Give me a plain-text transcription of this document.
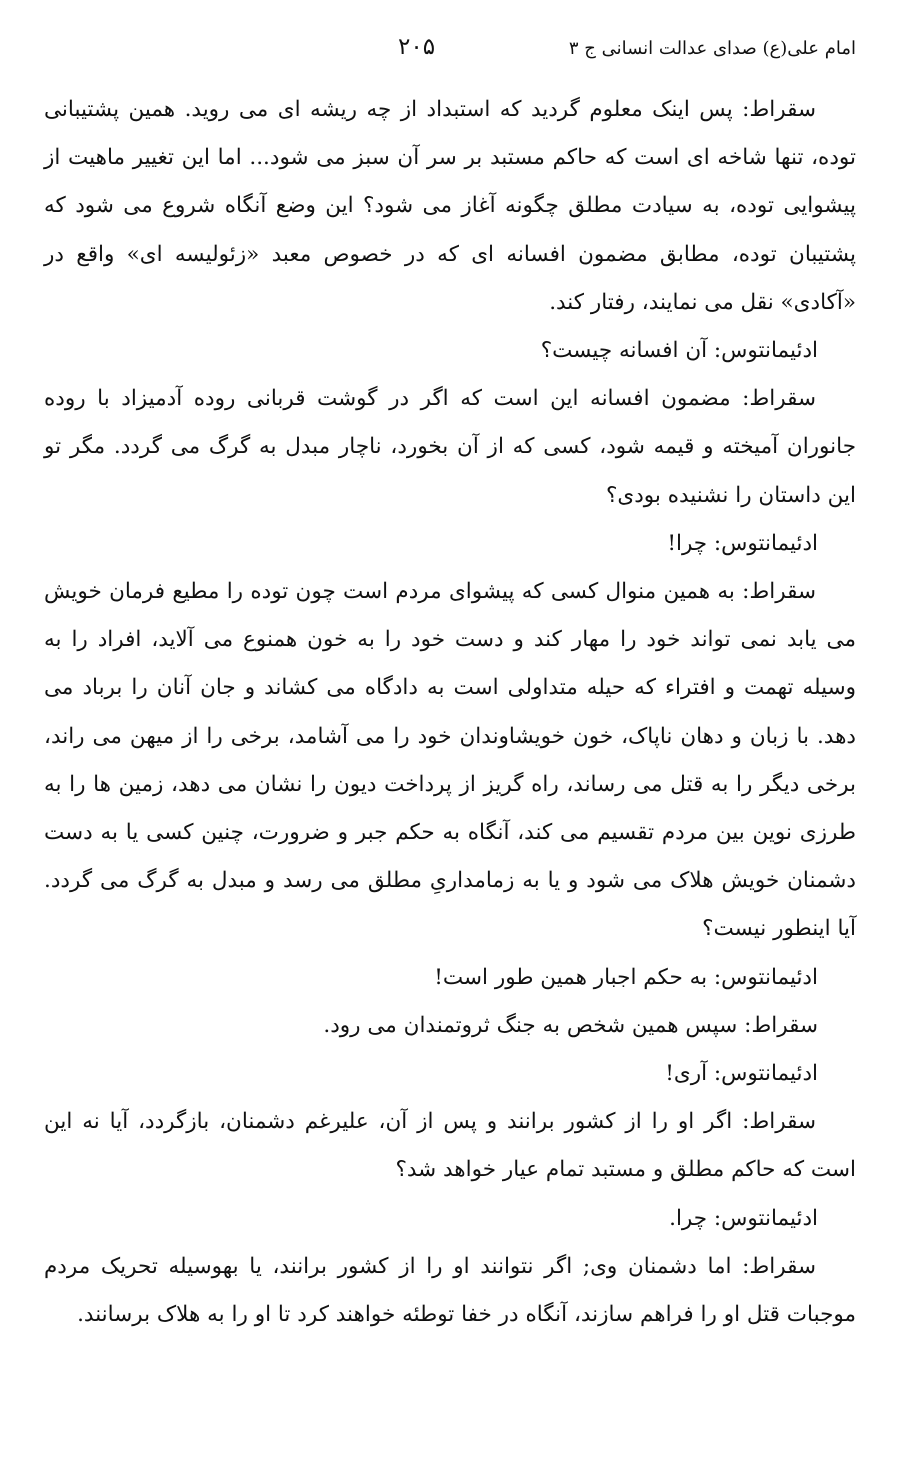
۲۰۵	امام علی(ع) صدای عدالت انسانی ج ۳

سقراط: پس اینک معلوم گردید که استبداد از چه ریشه ای می روید. همین پشتیبانی توده، تنها شاخه ای است که حاکم مستبد بر سر آن سبز می شود... اما این تغییر ماهیت از پیشوایی توده، به سیادت مطلق چگونه آغاز می شود؟ این وضع آنگاه شروع می شود که پشتیبان توده، مطابق مضمون افسانه ای که در خصوص معبد «زئولیسه ای» واقع در «آکادی» نقل می نمایند، رفتار کند.

ادئیمانتوس: آن افسانه چیست؟

سقراط: مضمون افسانه این است که اگر در گوشت قربانی روده آدمیزاد با روده جانوران آمیخته و قیمه شود، کسی که از آن بخورد، ناچار مبدل به گرگ می گردد. مگر تو این داستان را نشنیده بودی؟

ادئیمانتوس: چرا!

سقراط: به همین منوال کسی که پیشوای مردم است چون توده را مطیع فرمان خویش می یابد نمی تواند خود را مهار کند و دست خود را به خون همنوع می آلاید، افراد را به وسیله تهمت و افتراء که حیله متداولی است به دادگاه می کشاند و جان آنان را برباد می دهد. با زبان و دهان ناپاک، خون خویشاوندان خود را می آشامد، برخی را از میهن می راند، برخی دیگر را به قتل می رساند، راه گریز از پرداخت دیون را نشان می دهد، زمین ها را به طرزی نوین بین مردم تقسیم می کند، آنگاه به حکم جبر و ضرورت، چنین کسی یا به دست دشمنان خویش هلاک می شود و یا به زمامداریِ مطلق می رسد و مبدل به گرگ می گردد. آیا اینطور نیست؟

ادئیمانتوس: به حکم اجبار همین طور است!

سقراط: سپس همین شخص به جنگ ثروتمندان می رود.

ادئیمانتوس: آری!

سقراط: اگر او را از کشور برانند و پس از آن، علیرغم دشمنان، بازگردد، آیا نه این است که حاکم مطلق و مستبد تمام عیار خواهد شد؟

ادئیمانتوس: چرا.

سقراط: اما دشمنان وی; اگر نتوانند او را از کشور برانند، یا بهوسیله تحریک مردم موجبات قتل او را فراهم سازند، آنگاه در خفا توطئه خواهند کرد تا او را به هلاک برسانند.
